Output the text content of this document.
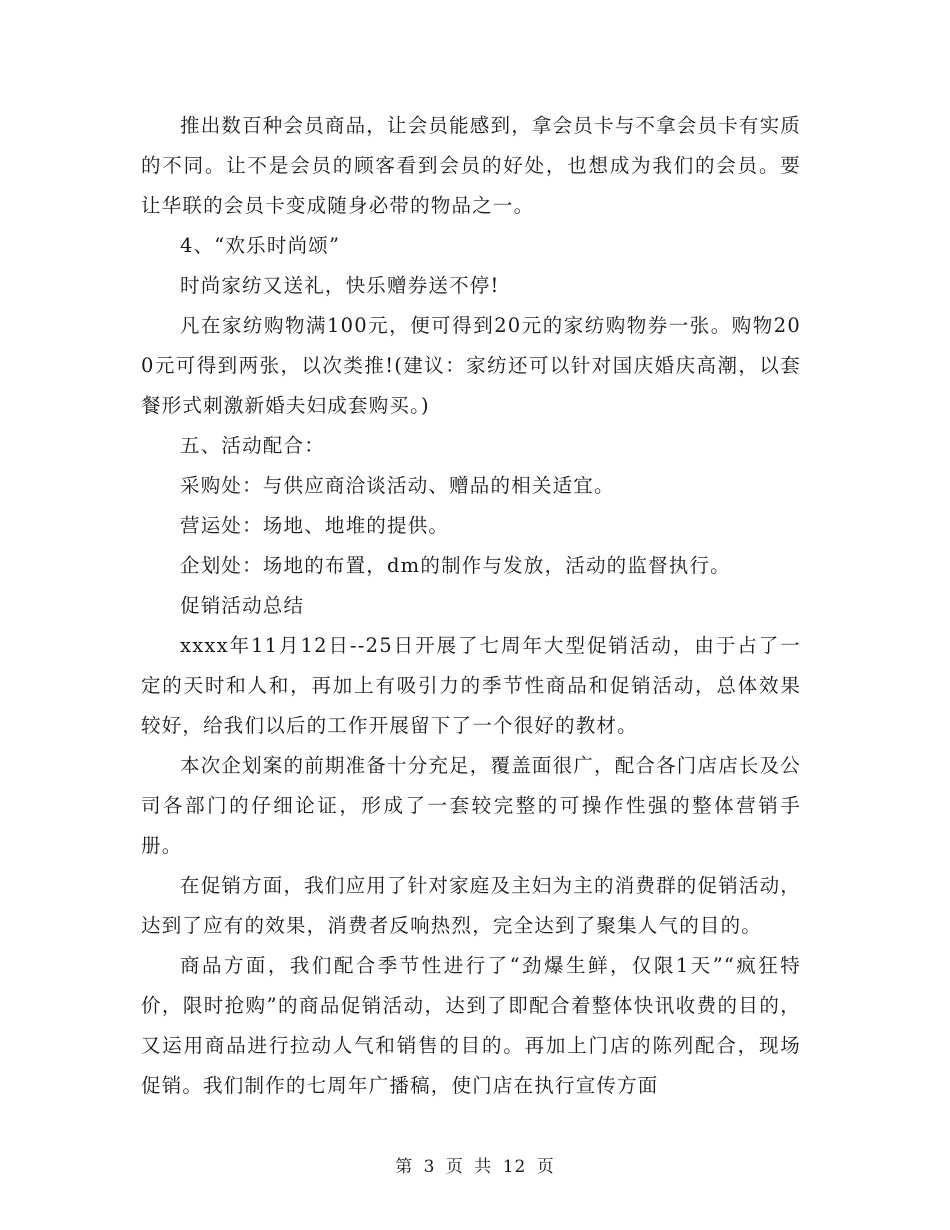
推出数百种会员商品，让会员能感到，拿会员卡与不拿会员卡有实质的不同。让不是会员的顾客看到会员的好处，也想成为我们的会员。要让华联的会员卡变成随身必带的物品之一。

4、“欢乐时尚颂”

时尚家纺又送礼，快乐赠券送不停!

凡在家纺购物满100元，便可得到20元的家纺购物券一张。购物200元可得到两张，以次类推!(建议：家纺还可以针对国庆婚庆高潮，以套餐形式刺激新婚夫妇成套购买。)

五、活动配合：

采购处：与供应商洽谈活动、赠品的相关适宜。

营运处：场地、地堆的提供。

企划处：场地的布置，dm的制作与发放，活动的监督执行。

促销活动总结

xxxx年11月12日--25日开展了七周年大型促销活动，由于占了一定的天时和人和，再加上有吸引力的季节性商品和促销活动，总体效果较好，给我们以后的工作开展留下了一个很好的教材。

本次企划案的前期准备十分充足，覆盖面很广，配合各门店店长及公司各部门的仔细论证，形成了一套较完整的可操作性强的整体营销手册。

在促销方面，我们应用了针对家庭及主妇为主的消费群的促销活动，达到了应有的效果，消费者反响热烈，完全达到了聚集人气的目的。

商品方面，我们配合季节性进行了“劲爆生鲜，仅限1天”“疯狂特价，限时抢购”的商品促销活动，达到了即配合着整体快讯收费的目的，又运用商品进行拉动人气和销售的目的。再加上门店的陈列配合，现场促销。我们制作的七周年广播稿，使门店在执行宣传方面

第 3 页 共 12 页
